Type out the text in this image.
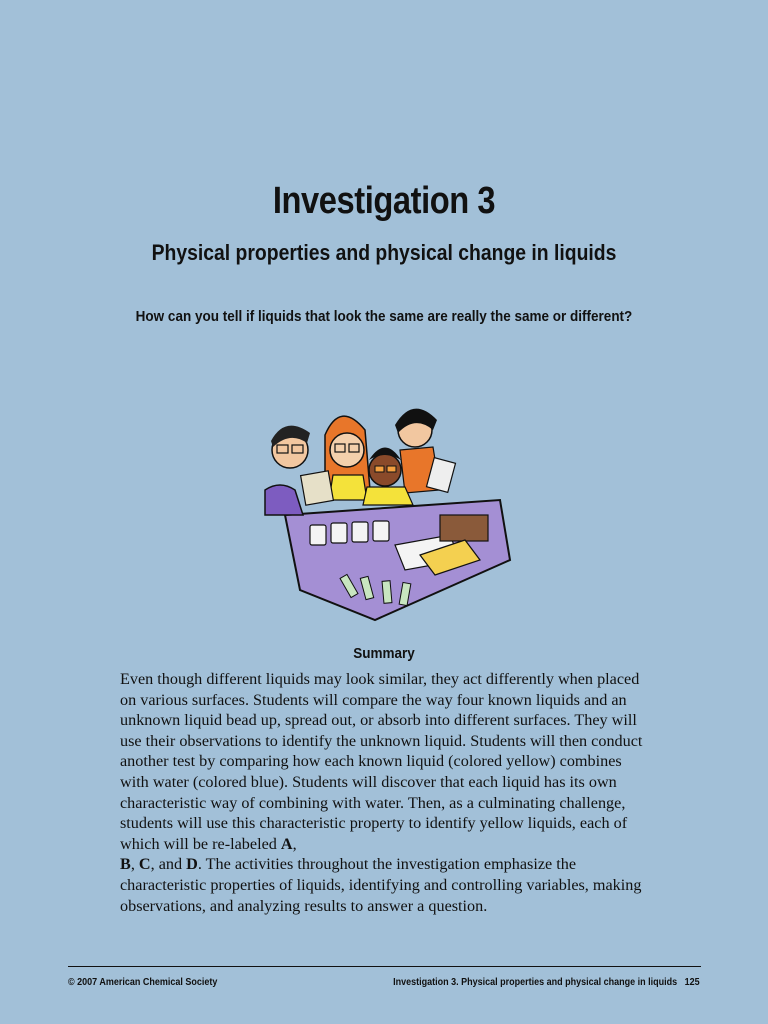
Investigation 3
Physical properties and physical change in liquids
How can you tell if liquids that look the same are really the same or different?
Summary
Even though different liquids may look similar, they act differently when placed on various surfaces. Students will compare the way four known liquids and an unknown liquid bead up, spread out, or absorb into different surfaces. They will use their observations to identify the unknown liquid. Students will then conduct another test by comparing how each known liquid (colored yellow) combines with water (colored blue). Students will discover that each liquid has its own characteristic way of combining with water. Then, as a culminating challenge, students will use this characteristic property to identify yellow liquids, each of which will be re-labeled A,
B, C, and D. The activities throughout the investigation emphasize the characteristic properties of liquids, identifying and controlling variables, making observations, and analyzing results to answer a question.
© 2007 American Chemical Society	Investigation 3. Physical properties and physical change in liquids 125
